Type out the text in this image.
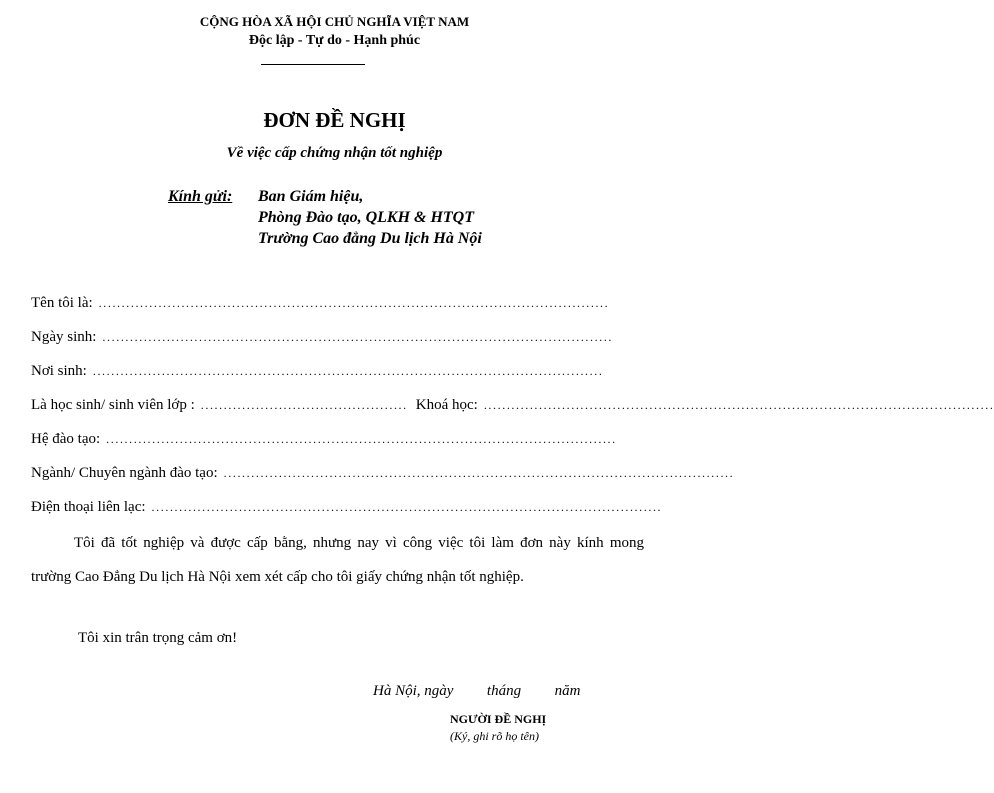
CỘNG HÒA XÃ HỘI CHỦ NGHĨA VIỆT NAM
Độc lập - Tự do - Hạnh phúc
ĐƠN ĐỀ NGHỊ
Về việc cấp chứng nhận tốt nghiệp
Kính gửi: Ban Giám hiệu,
Phòng Đào tạo, QLKH & HTQT
Trường Cao đẳng Du lịch Hà Nội
Tên tôi là: ...............................................................................................................
Ngày sinh: ...............................................................................................................
Nơi sinh: ...............................................................................................................
Là học sinh/ sinh viên lớp : ............................................. Khoá học: ...............................................................................................................
Hệ đào tạo: ...............................................................................................................
Ngành/ Chuyên ngành đào tạo: ...............................................................................................................
Điện thoại liên lạc: ...............................................................................................................

Tôi đã tốt nghiệp và được cấp bằng, nhưng nay vì công việc tôi làm đơn này kính mong trường Cao Đẳng Du lịch Hà Nội xem xét cấp cho tôi giấy chứng nhận tốt nghiệp.

Tôi xin trân trọng cảm ơn!
Hà Nội, ngày tháng năm
NGƯỜI ĐỀ NGHỊ
(Ký, ghi rõ họ tên)
